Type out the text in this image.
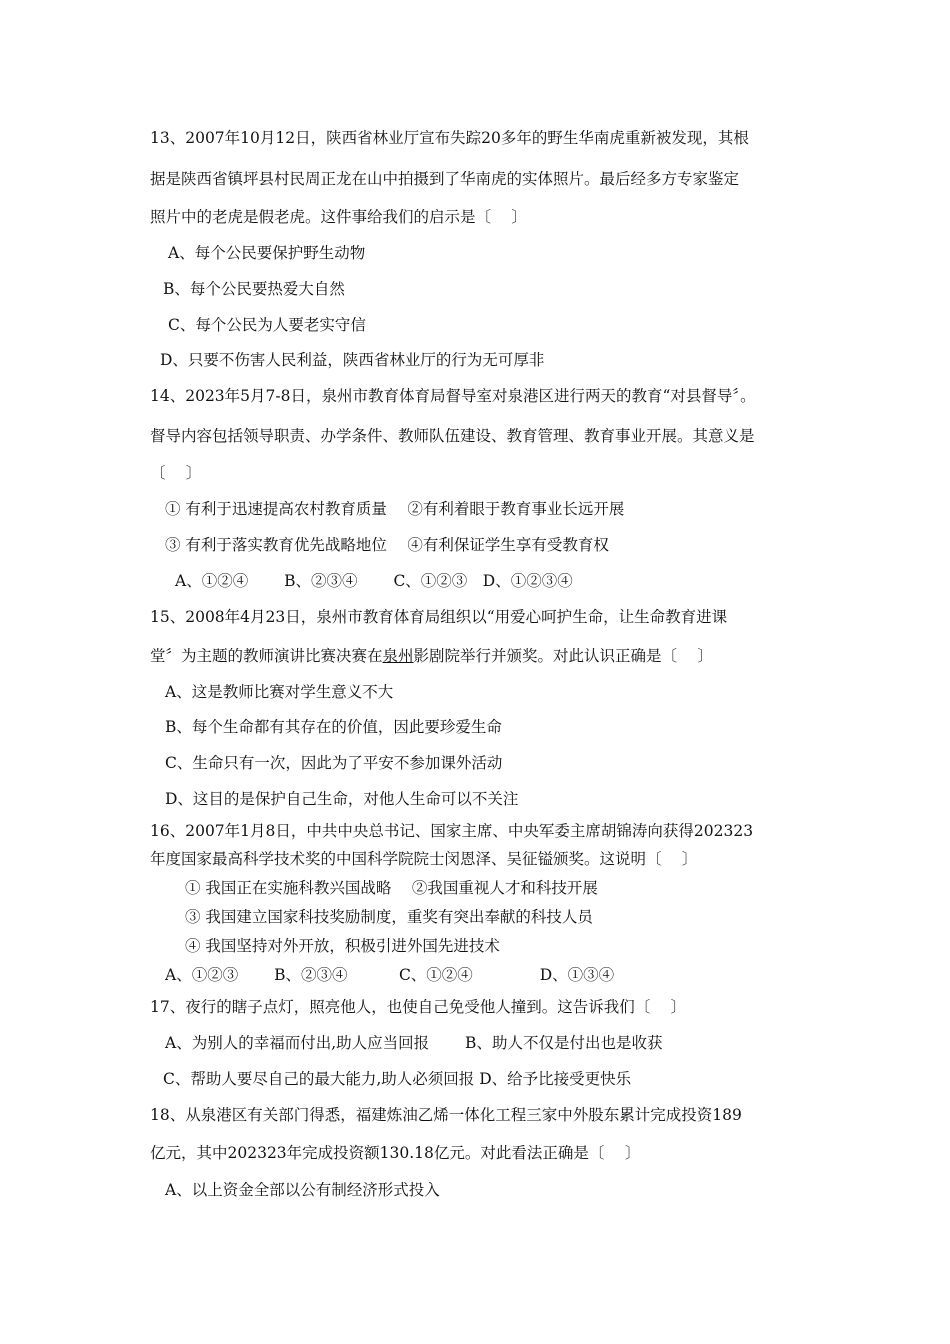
13、2007年10月12日，陕西省林业厅宣布失踪20多年的野生华南虎重新被发现，其根
据是陕西省镇坪县村民周正龙在山中拍摄到了华南虎的实体照片。最后经多方专家鉴定
照片中的老虎是假老虎。这件事给我们的启示是〔　 〕
A、每个公民要保护野生动物
B、每个公民要热爱大自然
C、每个公民为人要老实守信
D、只要不伤害人民利益，陕西省林业厅的行为无可厚非
14、2023年5月7-8日，泉州市教育体育局督导室对泉港区进行两天的教育“对县督导〞。
督导内容包括领导职责、办学条件、教师队伍建设、教育管理、教育事业开展。其意义是
〔　 〕
① 有利于迅速提高农村教育质量　 ②有利着眼于教育事业长远开展
③ 有利于落实教育优先战略地位　 ④有利保证学生享有受教育权
A、①②④　　 B、②③④　　 C、①②③　D、①②③④
15、2008年4月23日，泉州市教育体育局组织以“用爱心呵护生命，让生命教育进课
堂〞为主题的教师演讲比赛决赛在泉州影剧院举行并颁奖。对此认识正确是〔　 〕
A、这是教师比赛对学生意义不大
B、每个生命都有其存在的价值，因此要珍爱生命
C、生命只有一次，因此为了平安不参加课外活动
D、这目的是保护自己生命，对他人生命可以不关注
16、2007年1月8日，中共中央总书记、国家主席、中央军委主席胡锦涛向获得202323
年度国家最高科学技术奖的中国科学院院士闵恩泽、吴征镒颁奖。这说明〔　 〕
① 我国正在实施科教兴国战略　 ②我国重视人才和科技开展
③ 我国建立国家科技奖励制度，重奖有突出奉献的科技人员
④ 我国坚持对外开放，积极引进外国先进技术
A、①②③　　 B、②③④　　　 C、①②④　　　　 D、①③④
17、夜行的瞎子点灯，照亮他人，也使自己免受他人撞到。这告诉我们〔　 〕
A、为别人的幸福而付出,助人应当回报　　 B、助人不仅是付出也是收获
C、帮助人要尽自己的最大能力,助人必须回报 D、给予比接受更快乐
18、从泉港区有关部门得悉，福建炼油乙烯一体化工程三家中外股东累计完成投资189
亿元，其中202323年完成投资额130.18亿元。对此看法正确是〔　 〕
A、以上资金全部以公有制经济形式投入
